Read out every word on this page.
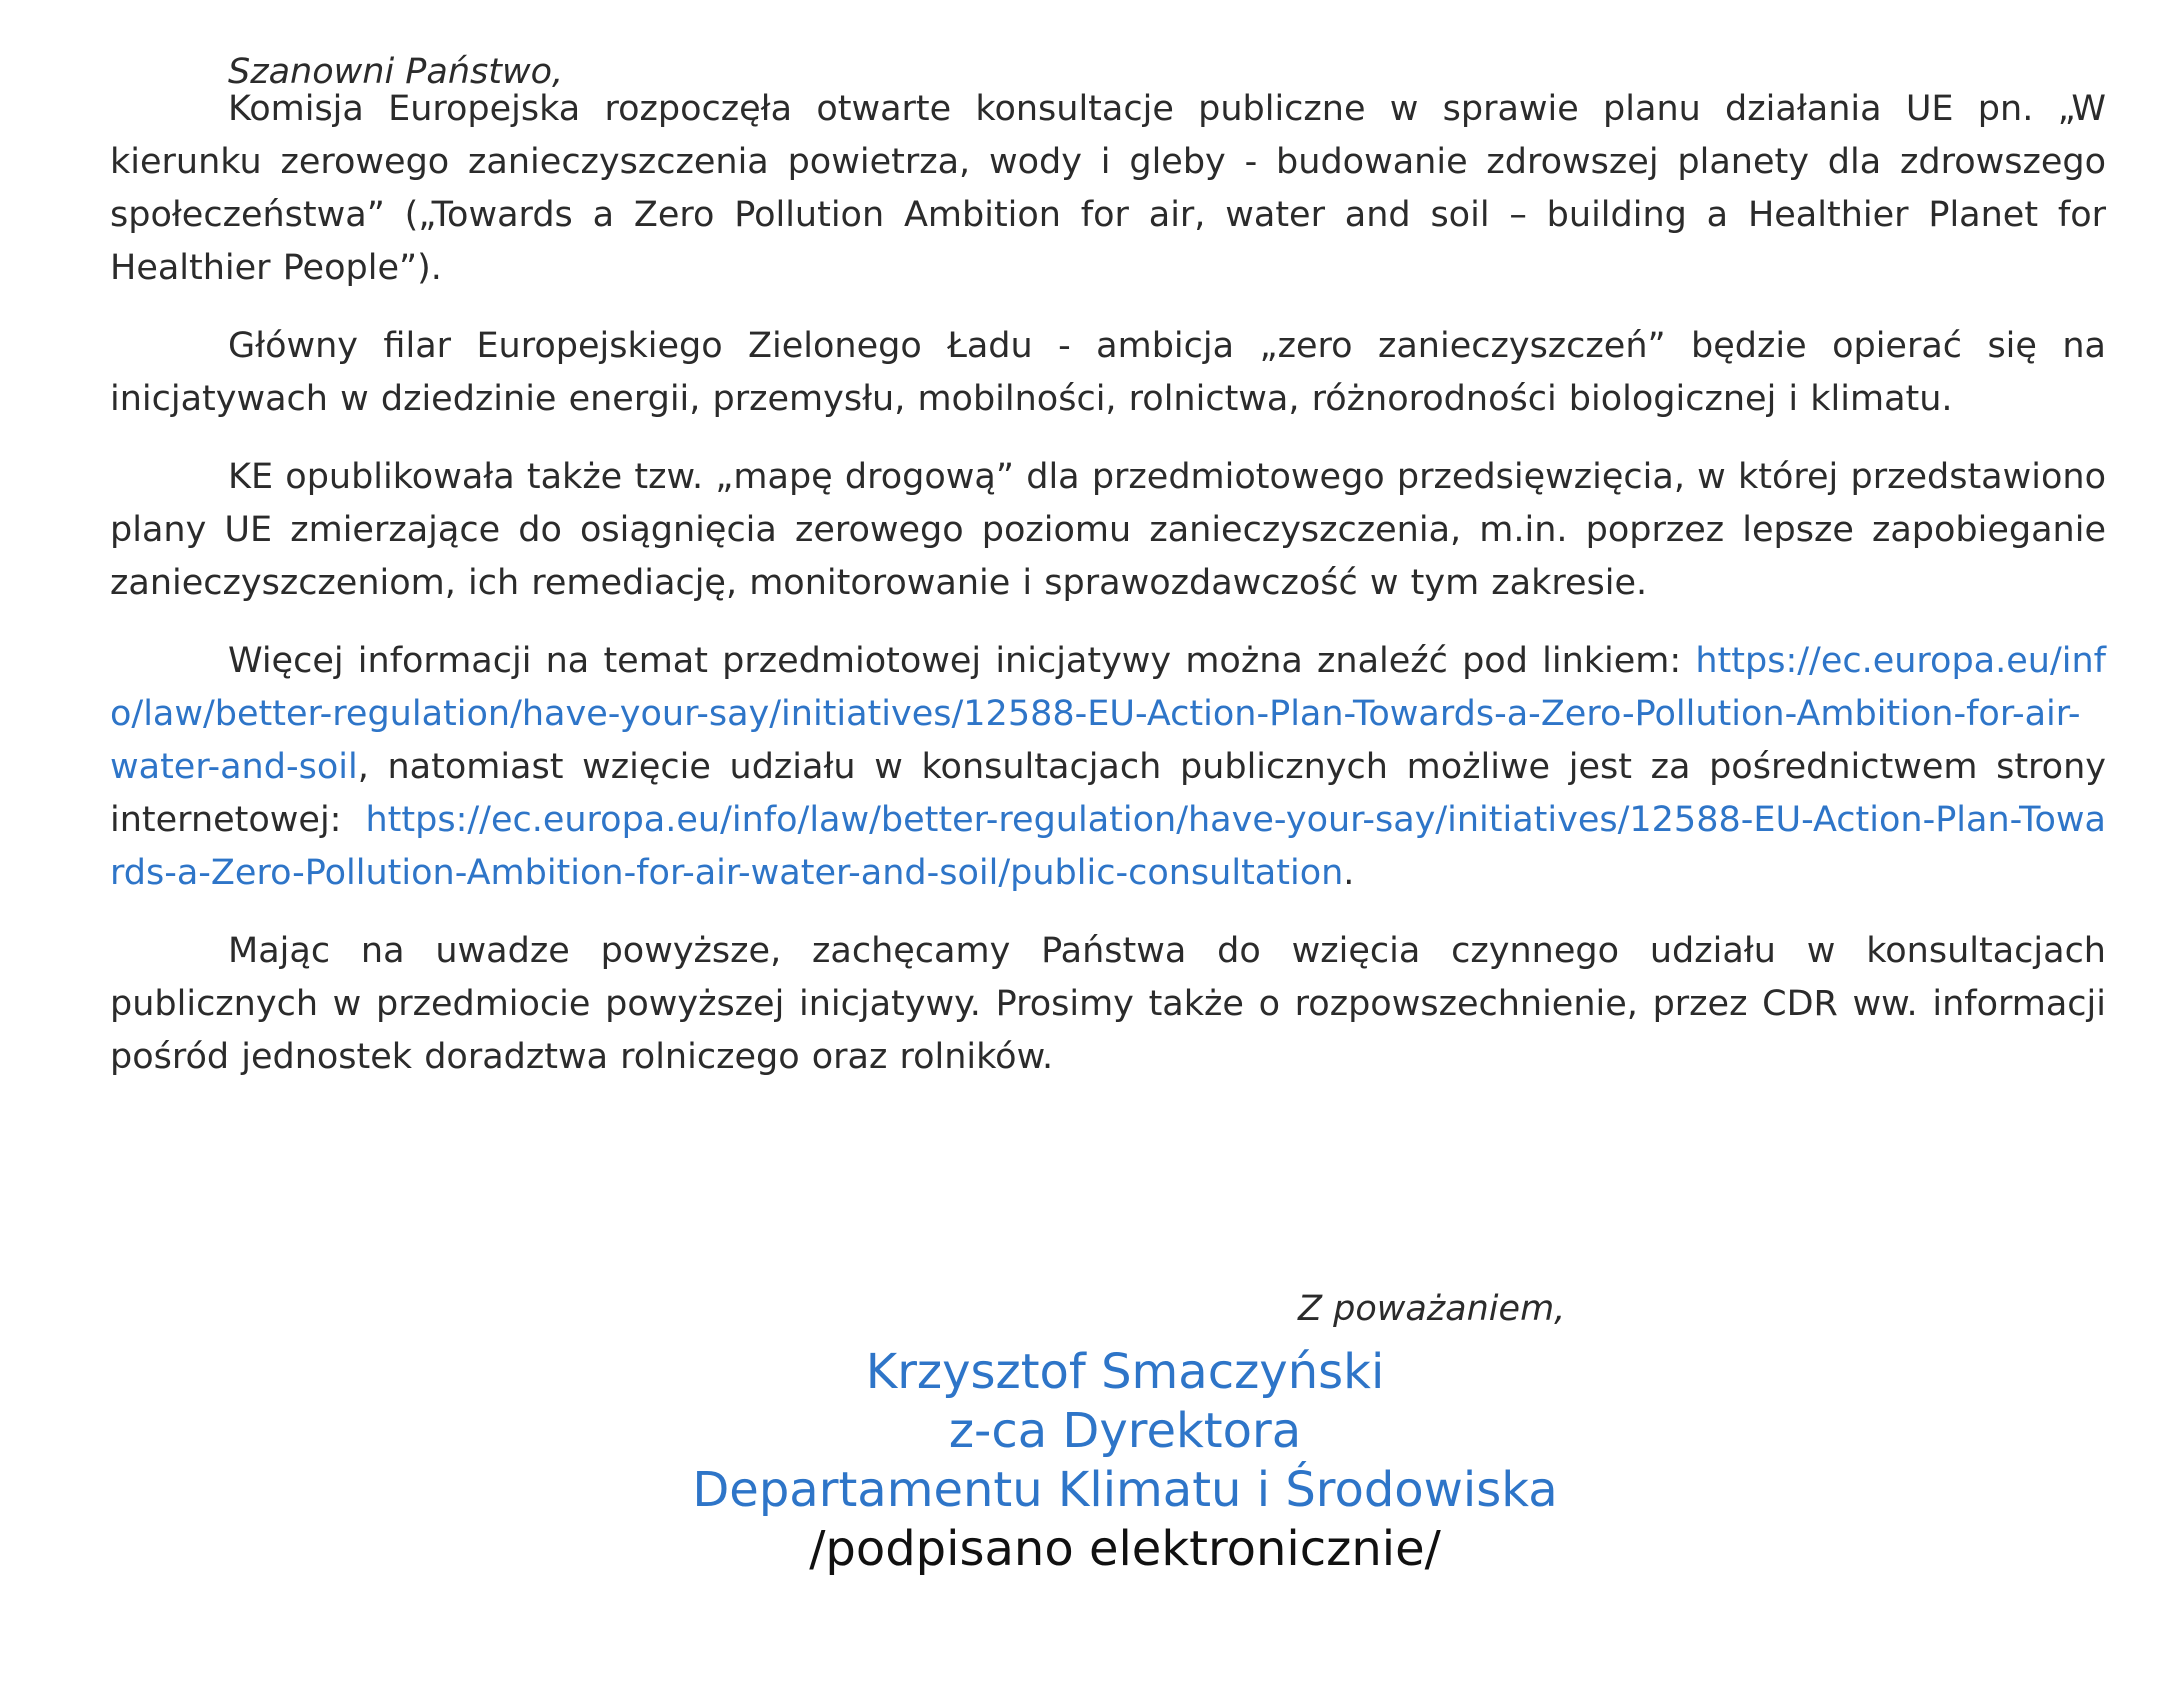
Szanowni Państwo,

Komisja Europejska rozpoczęła otwarte konsultacje publiczne w sprawie planu działania UE pn. „W kierunku zerowego zanieczyszczenia powietrza, wody i gleby - budowanie zdrowszej planety dla zdrowszego społeczeństwa” („Towards a Zero Pollution Ambition for air, water and soil – building a Healthier Planet for Healthier People”).

Główny filar Europejskiego Zielonego Ładu - ambicja „zero zanieczyszczeń” będzie opierać się na inicjatywach w dziedzinie energii, przemysłu, mobilności, rolnictwa, różnorodności biologicznej i klimatu.

KE opublikowała także tzw. „mapę drogową” dla przedmiotowego przedsięwzięcia, w której przedstawiono plany UE zmierzające do osiągnięcia zerowego poziomu zanieczyszczenia, m.in. poprzez lepsze zapobieganie zanieczyszczeniom, ich remediację, monitorowanie i sprawozdawczość w tym zakresie.

Więcej informacji na temat przedmiotowej inicjatywy można znaleźć pod linkiem: https://ec.europa.eu/info/law/better-regulation/have-your-say/initiatives/12588-EU-Action-Plan-Towards-a-Zero-Pollution-Ambition-for-air-water-and-soil, natomiast wzięcie udziału w konsultacjach publicznych możliwe jest za pośrednictwem strony internetowej: https://ec.europa.eu/info/law/better-regulation/have-your-say/initiatives/12588-EU-Action-Plan-Towards-a-Zero-Pollution-Ambition-for-air-water-and-soil/public-consultation.

Mając na uwadze powyższe, zachęcamy Państwa do wzięcia czynnego udziału w konsultacjach publicznych w przedmiocie powyższej inicjatywy. Prosimy także o rozpowszechnienie, przez CDR ww. informacji pośród jednostek doradztwa rolniczego oraz rolników.

Z poważaniem,
Krzysztof Smaczyński
z-ca Dyrektora
Departamentu Klimatu i Środowiska
/podpisano elektronicznie/
